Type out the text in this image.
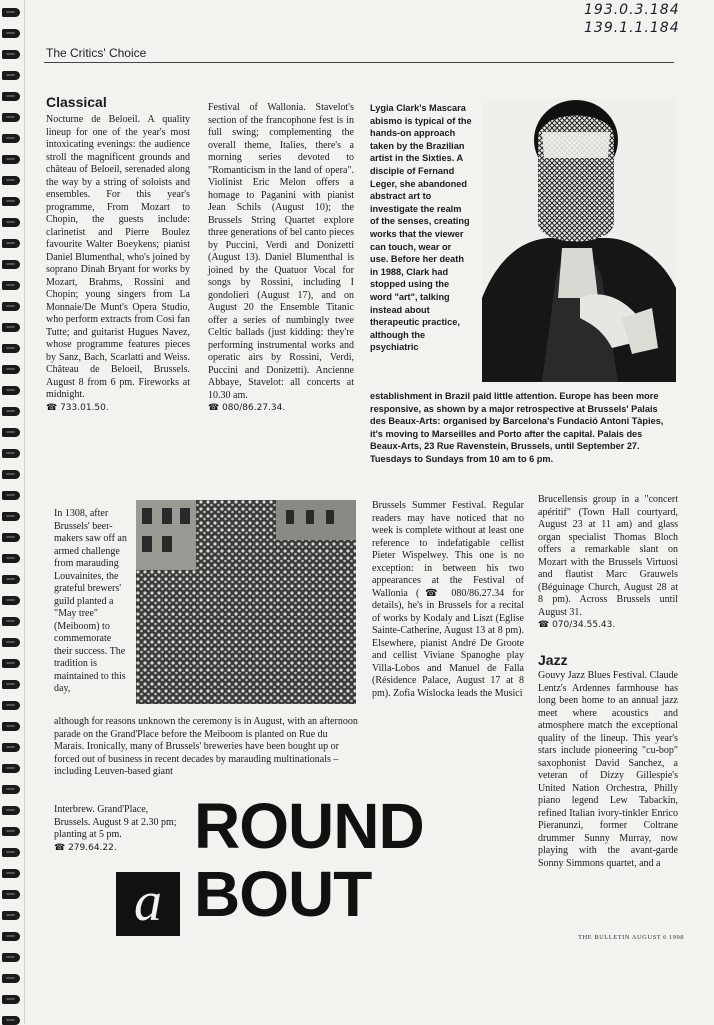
193.0.3.184
139.1.1.184
The Critics' Choice
Classical

Nocturne de Beloeil. A quality lineup for one of the year's most intoxicating evenings: the audience stroll the magnificent grounds and château of Beloeil, serenaded along the way by a string of soloists and ensembles. For this year's programme, From Mozart to Chopin, the guests include: clarinetist and Pierre Boulez favourite Walter Boeykens; pianist Daniel Blumenthal, who's joined by soprano Dinah Bryant for works by Mozart, Brahms, Rossini and Chopin; young singers from La Monnaie/De Munt's Opera Studio, who perform extracts from Così fan Tutte; and guitarist Hugues Navez, whose programme features pieces by Sanz, Bach, Scarlatti and Weiss. Château de Beloeil, Brussels. August 8 from 6 pm. Fireworks at midnight.

☎ 733.01.50.

Festival of Wallonia. Stavelot's section of the francophone fest is in full swing; complementing the overall theme, Italies, there's a morning series devoted to "Romanticism in the land of opera". Violinist Eric Melon offers a homage to Paganini with pianist Jean Schils (August 10); the Brussels String Quartet explore three generations of bel canto pieces by Puccini, Verdi and Donizetti (August 13). Daniel Blumenthal is joined by the Quatuor Vocal for songs by Rossini, including I gondolieri (August 17), and on August 20 the Ensemble Titanic offer a series of numbingly twee Celtic ballads (just kidding: they're performing instrumental works and operatic airs by Rossini, Verdi, Puccini and Donizetti). Ancienne Abbaye, Stavelot: all concerts at 10.30 am.

☎ 080/86.27.34.

Lygia Clark's Mascara abismo is typical of the hands-on approach taken by the Brazilian artist in the Sixties. A disciple of Fernand Leger, she abandoned abstract art to investigate the realm of the senses, creating works that the viewer can touch, wear or use. Before her death in 1988, Clark had stopped using the word "art", talking instead about therapeutic practice, although the psychiatric
establishment in Brazil paid little attention. Europe has been more responsive, as shown by a major retrospective at Brussels' Palais des Beaux-Arts: organised by Barcelona's Fundació Antoni Tàpies, it's moving to Marseilles and Porto after the capital. Palais des Beaux-Arts, 23 Rue Ravenstein, Brussels, until September 27. Tuesdays to Sundays from 10 am to 6 pm.
In 1308, after Brussels' beer-makers saw off an armed challenge from marauding Louvainites, the grateful brewers' guild planted a "May tree" (Meiboom) to commemorate their success. The tradition is maintained to this day,
although for reasons unknown the ceremony is in August, with an afternoon parade on the Grand'Place before the Meiboom is planted on Rue du Marais. Ironically, many of Brussels' breweries have been bought up or forced out of business in recent decades by marauding multinationals – including Leuven-based giant

Interbrew. Grand'Place, Brussels. August 9 at 2.30 pm; planting at 5 pm.

☎ 279.64.22.

Brussels Summer Festival. Regular readers may have noticed that no week is complete without at least one reference to indefatigable cellist Pieter Wispelwey. This one is no exception: in between his two appearances at the Festival of Wallonia (☎ 080/86.27.34 for details), he's in Brussels for a recital of works by Kodaly and Liszt (Eglise Sainte-Catherine, August 13 at 8 pm). Elsewhere, pianist André De Groote and cellist Viviane Spanoghe play Villa-Lobos and Manuel de Falla (Résidence Palace, August 17 at 8 pm). Zofia Wislocka leads the Musici

Brucellensis group in a "concert apéritif" (Town Hall courtyard, August 23 at 11 am) and glass organ specialist Thomas Bloch offers a remarkable slant on Mozart with the Brussels Virtuosi and flautist Marc Grauwels (Béguinage Church, August 28 at 8 pm). Across Brussels until August 31.

☎ 070/34.55.43.

Jazz
Gouvy Jazz Blues Festival. Claude Lentz's Ardennes farmhouse has long been home to an annual jazz meet where acoustics and atmosphere match the exceptional quality of the lineup. This year's stars include pioneering "cu-bop" saxophonist David Sanchez, a veteran of Dizzy Gillespie's United Nation Orchestra, Philly piano legend Lew Tabackin, refined Italian ivory-tinkler Enrico Pieranunzi, former Coltrane drummer Sunny Murray, now playing with the avant-garde Sonny Simmons quartet, and a
ROUND
a BOUT
THE BULLETIN AUGUST 6 1998
